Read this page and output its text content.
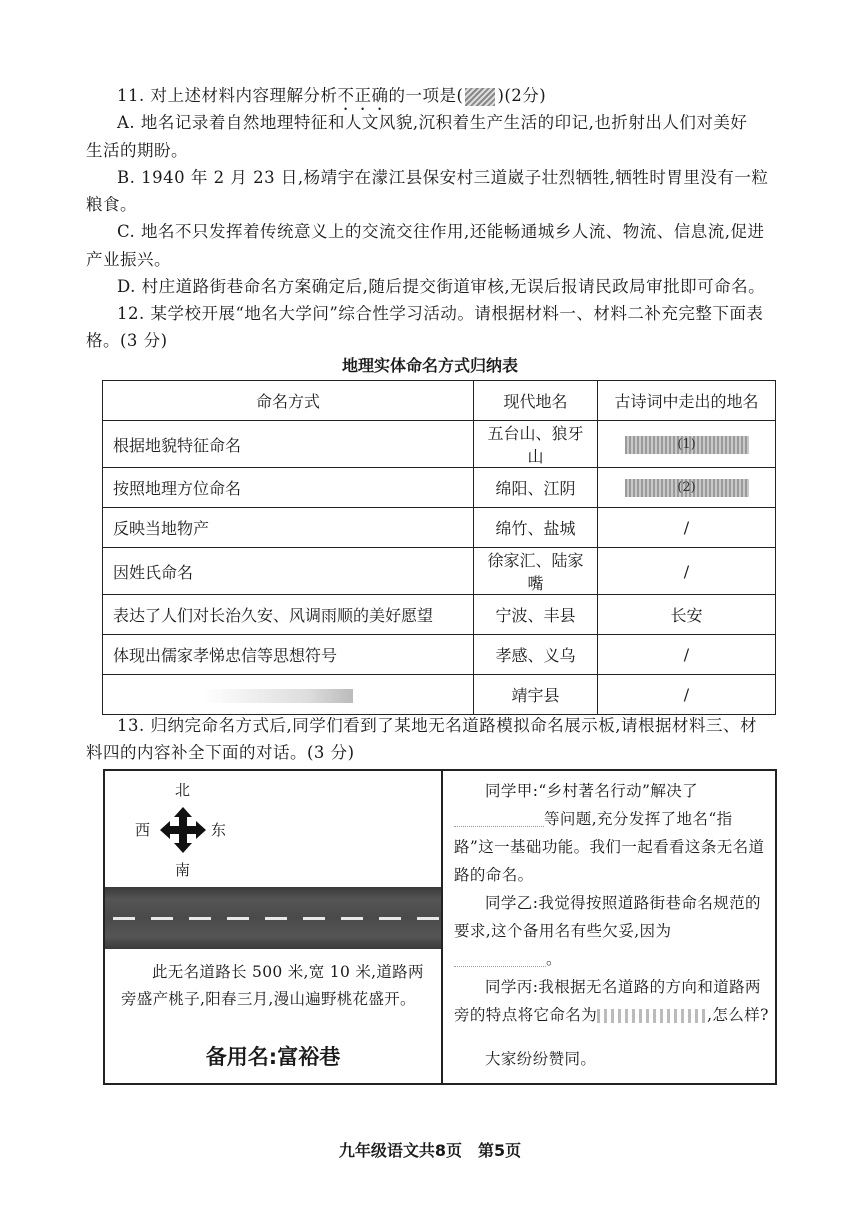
11. 对上述材料内容理解分析不正确的一项是( )(2分)
A. 地名记录着自然地理特征和人文风貌,沉积着生产生活的印记,也折射出人们对美好
生活的期盼。
B. 1940 年 2 月 23 日,杨靖宇在濛江县保安村三道崴子壮烈牺牲,牺牲时胃里没有一粒
粮食。
C. 地名不只发挥着传统意义上的交流交往作用,还能畅通城乡人流、物流、信息流,促进
产业振兴。
D. 村庄道路街巷命名方案确定后,随后提交街道审核,无误后报请民政局审批即可命名。
12. 某学校开展“地名大学问”综合性学习活动。请根据材料一、材料二补充完整下面表
格。(3 分)
地理实体命名方式归纳表
命名方式	现代地名	古诗词中走出的地名
根据地貌特征命名	五台山、狼牙山	(1)
按照地理方位命名	绵阳、江阴	(2)
反映当地物产	绵竹、盐城	/
因姓氏命名	徐家汇、陆家嘴	/
表达了人们对长治久安、风调雨顺的美好愿望	宁波、丰县	长安
体现出儒家孝悌忠信等思想符号	孝感、义乌	/
	靖宇县	/
13. 归纳完命名方式后,同学们看到了某地无名道路模拟命名展示板,请根据材料三、材
料四的内容补全下面的对话。(3 分)
北
西	东
南
此无名道路长 500 米,宽 10 米,道路两旁盛产桃子,阳春三月,漫山遍野桃花盛开。
备用名:富裕巷
同学甲:“乡村著名行动”解决了
等问题,充分发挥了地名“指路”这一基础功能。我们一起看看这条无名道路的命名。
同学乙:我觉得按照道路街巷命名规范的要求,这个备用名有些欠妥,因为
。
同学丙:我根据无名道路的方向和道路两旁的特点将它命名为	,怎么样?
大家纷纷赞同。
九年级语文共8页　第5页
